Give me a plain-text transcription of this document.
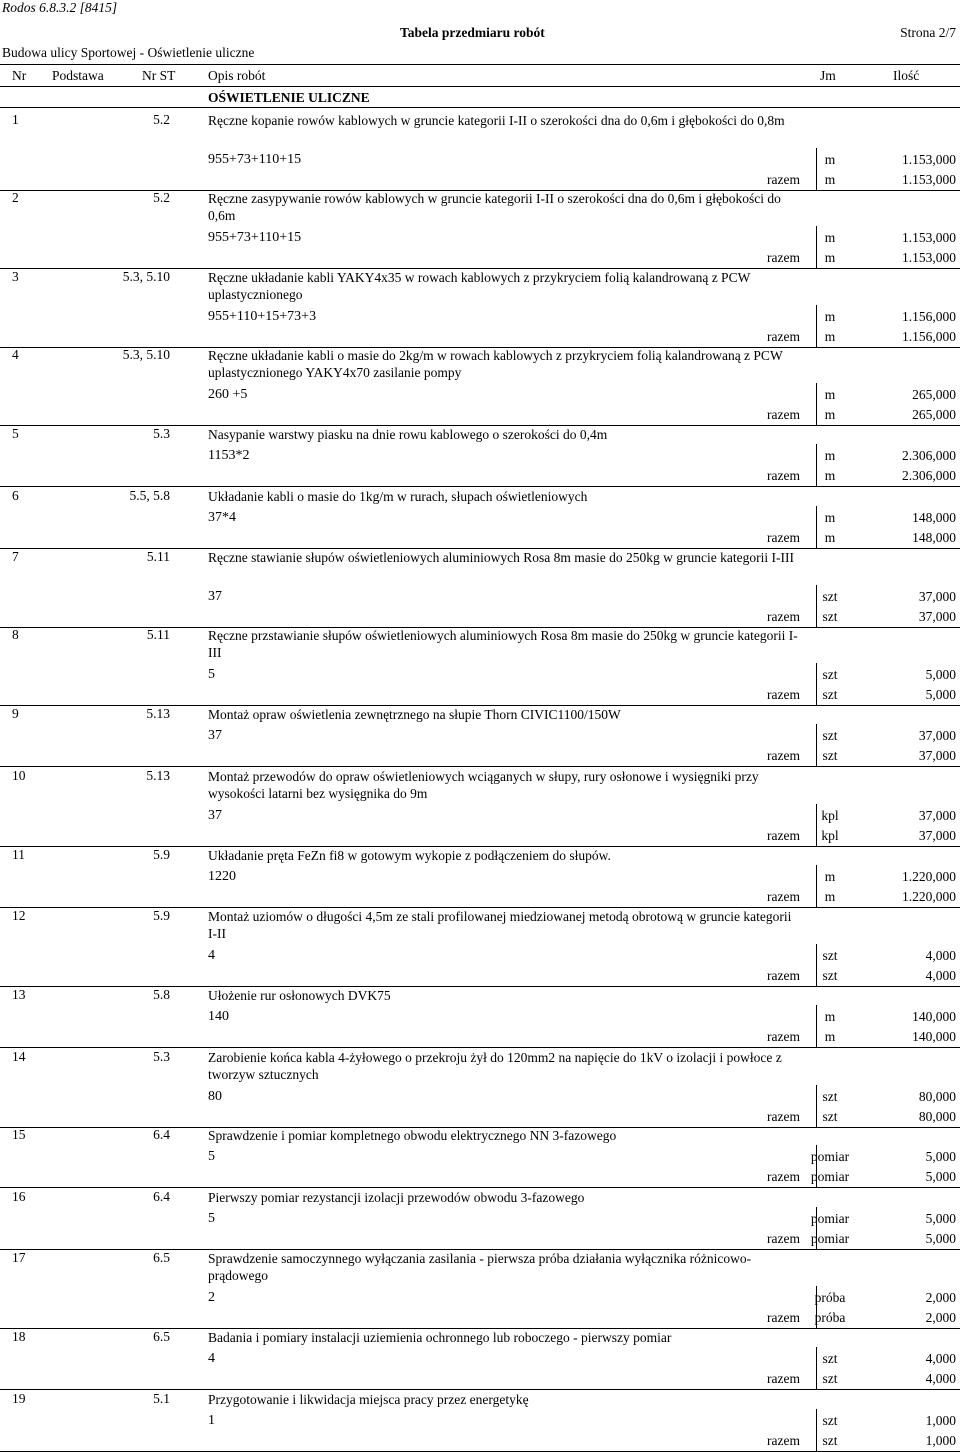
Rodos 6.8.3.2 [8415]
Tabela przedmiaru robót	Strona 2/7
Budowa ulicy Sportowej - Oświetlenie uliczne
Nr Podstawa	Nr ST Opis robót	Jm	Ilość
OŚWIETLENIE ULICZNE
1	5.2	Ręczne kopanie rowów kablowych w gruncie kategorii I-II o szerokości dna do 0,6m i głębokości do 0,8m
955+73+110+15	m	1.153,000
razem	m	1.153,000
2	5.2	Ręczne zasypywanie rowów kablowych w gruncie kategorii I-II o szerokości dna do 0,6m i głębokości do 0,6m
955+73+110+15	m	1.153,000
razem	m	1.153,000
3	5.3, 5.10	Ręczne układanie kabli YAKY4x35 w rowach kablowych z przykryciem folią kalandrowaną z PCW uplastycznionego
955+110+15+73+3	m	1.156,000
razem	m	1.156,000
4	5.3, 5.10	Ręczne układanie kabli o masie do 2kg/m w rowach kablowych z przykryciem folią kalandrowaną z PCW uplastycznionego YAKY4x70 zasilanie pompy
260 +5	m	265,000
razem	m	265,000
5	5.3	Nasypanie warstwy piasku na dnie rowu kablowego o szerokości do 0,4m
1153*2	m	2.306,000
razem	m	2.306,000
6	5.5, 5.8	Układanie kabli o masie do 1kg/m w rurach, słupach oświetleniowych
37*4	m	148,000
razem	m	148,000
7	5.11	Ręczne stawianie słupów oświetleniowych aluminiowych Rosa 8m masie do 250kg w gruncie kategorii I-III
37	szt	37,000
razem	szt	37,000
8	5.11	Ręczne przstawianie słupów oświetleniowych aluminiowych Rosa 8m masie do 250kg w gruncie kategorii I-III
5	szt	5,000
razem	szt	5,000
9	5.13	Montaż opraw oświetlenia zewnętrznego na słupie Thorn CIVIC1100/150W
37	szt	37,000
razem	szt	37,000
10	5.13	Montaż przewodów do opraw oświetleniowych wciąganych w słupy, rury osłonowe i wysięgniki przy wysokości latarni bez wysięgnika do 9m
37	kpl	37,000
razem	kpl	37,000
11	5.9	Układanie pręta FeZn fi8 w gotowym wykopie z podłączeniem do słupów.
1220	m	1.220,000
razem	m	1.220,000
12	5.9	Montaż uziomów o długości 4,5m ze stali profilowanej miedziowanej metodą obrotową w gruncie kategorii I-II
4	szt	4,000
razem	szt	4,000
13	5.8	Ułożenie rur osłonowych DVK75
140	m	140,000
razem	m	140,000
14	5.3	Zarobienie końca kabla 4-żyłowego o przekroju żył do 120mm2 na napięcie do 1kV o izolacji i powłoce z tworzyw sztucznych
80	szt	80,000
razem	szt	80,000
15	6.4	Sprawdzenie i pomiar kompletnego obwodu elektrycznego NN 3-fazowego
5	pomiar	5,000
razem pomiar	5,000
16	6.4	Pierwszy pomiar rezystancji izolacji przewodów obwodu 3-fazowego
5	pomiar	5,000
razem pomiar	5,000
17	6.5	Sprawdzenie samoczynnego wyłączania zasilania - pierwsza próba działania wyłącznika różnicowo-prądowego
2	próba	2,000
razem	próba	2,000
18	6.5	Badania i pomiary instalacji uziemienia ochronnego lub roboczego - pierwszy pomiar
4	szt	4,000
razem	szt	4,000
19	5.1	Przygotowanie i likwidacja miejsca pracy przez energetykę
1	szt	1,000
razem	szt	1,000
